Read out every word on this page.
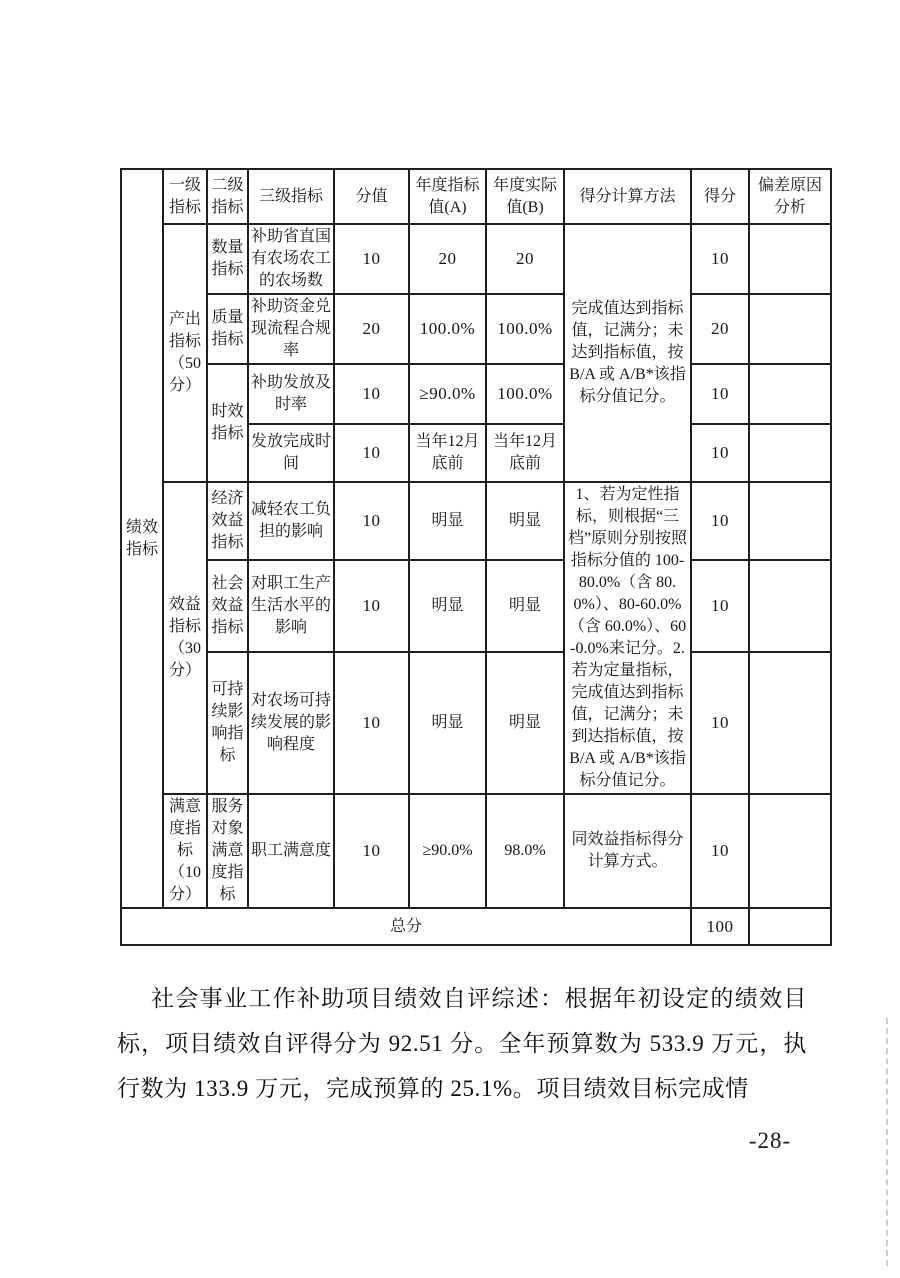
绩效指标	一级指标	二级指标	三级指标	分值	年度指标值(A)	年度实际值(B)	得分计算方法	得分	偏差原因分析
	产出指标（50分）	数量指标	补助省直国有农场农工的农场数	10	20	20	完成值达到指标值，记满分；未达到指标值，按 B/A 或 A/B*该指标分值记分。	10	
		质量指标	补助资金兑现流程合规率	20	100.0%	100.0%		20	
		时效指标	补助发放及时率	10	≥90.0%	100.0%		10	
			发放完成时间	10	当年12月底前	当年12月底前		10	
	效益指标（30分）	经济效益指标	减轻农工负担的影响	10	明显	明显	1、若为定性指标，则根据“三档”原则分别按照指标分值的 100-80.0%（含 80.0%）、80-60.0%（含 60.0%）、60-0.0%来记分。2.若为定量指标，完成值达到指标值，记满分；未到达指标值，按 B/A 或 A/B*该指标分值记分。	10	
		社会效益指标	对职工生产生活水平的影响	10	明显	明显		10	
		可持续影响指标	对农场可持续发展的影响程度	10	明显	明显		10	
	满意度指标（10分）	服务对象满意度指标	职工满意度	10	≥90.0%	98.0%	同效益指标得分计算方式。	10	
总分								100	
社会事业工作补助项目绩效自评综述：根据年初设定的绩效目标，项目绩效自评得分为 92.51 分。全年预算数为 533.9 万元，执行数为 133.9 万元，完成预算的 25.1%。项目绩效目标完成情
-28-
